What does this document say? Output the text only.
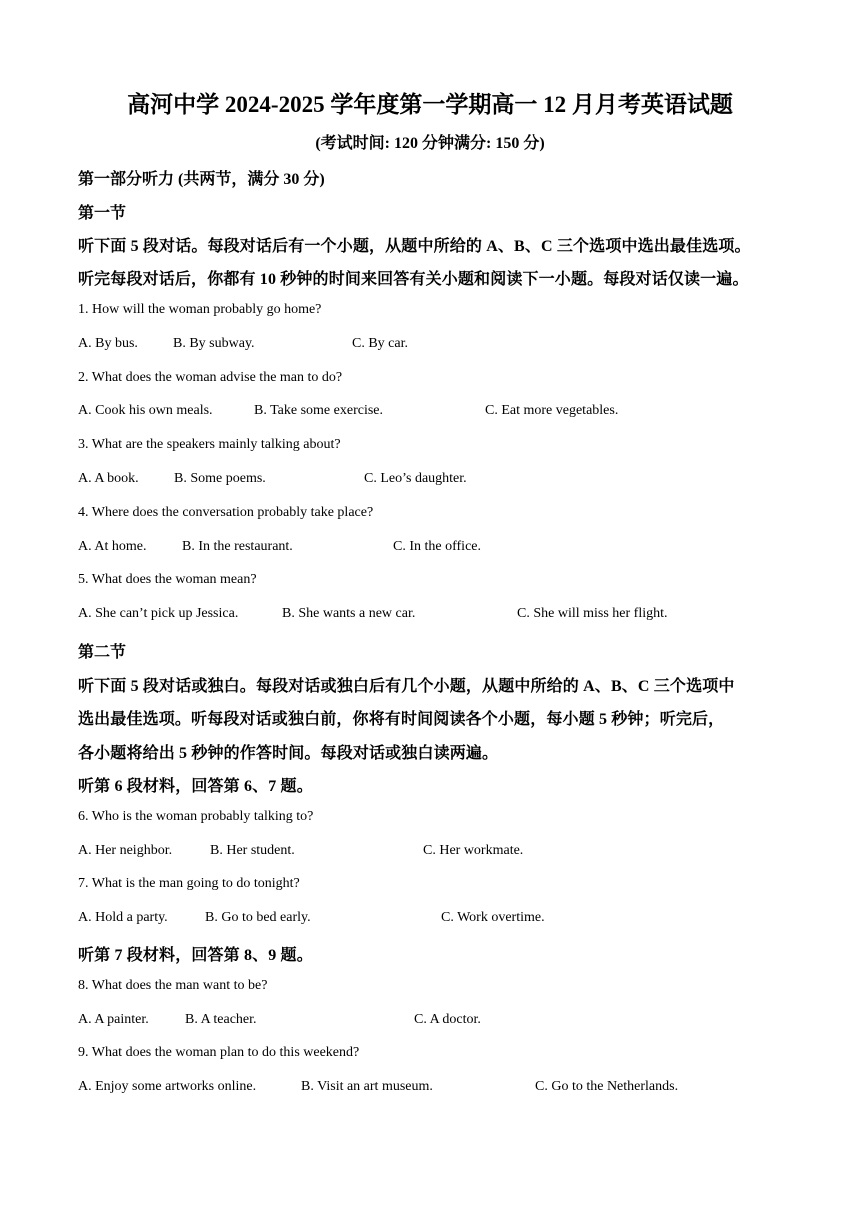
高河中学 2024-2025 学年度第一学期高一 12 月月考英语试题
(考试时间: 120 分钟满分: 150 分)
第一部分听力 (共两节，满分 30 分)
第一节
听下面 5 段对话。每段对话后有一个小题，从题中所给的 A、B、C 三个选项中选出最佳选项。
听完每段对话后，你都有 10 秒钟的时间来回答有关小题和阅读下一小题。每段对话仅读一遍。
1. How will the woman probably go home?
A. By bus.	B. By subway.	C. By car.
2. What does the woman advise the man to do?
A. Cook his own meals.	B. Take some exercise.	C. Eat more vegetables.
3. What are the speakers mainly talking about?
A. A book.	B. Some poems.	C. Leo’s daughter.
4. Where does the conversation probably take place?
A. At home.	B. In the restaurant.	C. In the office.
5. What does the woman mean?
A. She can’t pick up Jessica.	B. She wants a new car.	C. She will miss her flight.
第二节
听下面 5 段对话或独白。每段对话或独白后有几个小题，从题中所给的 A、B、C 三个选项中
选出最佳选项。听每段对话或独白前，你将有时间阅读各个小题，每小题 5 秒钟；听完后，
各小题将给出 5 秒钟的作答时间。每段对话或独白读两遍。
听第 6 段材料，回答第 6、7 题。
6. Who is the woman probably talking to?
A. Her neighbor.	B. Her student.	C. Her workmate.
7. What is the man going to do tonight?
A. Hold a party.	B. Go to bed early.	C. Work overtime.
听第 7 段材料，回答第 8、9 题。
8. What does the man want to be?
A. A painter.	B. A teacher.	C. A doctor.
9. What does the woman plan to do this weekend?
A. Enjoy some artworks online.	B. Visit an art museum.	C. Go to the Netherlands.
